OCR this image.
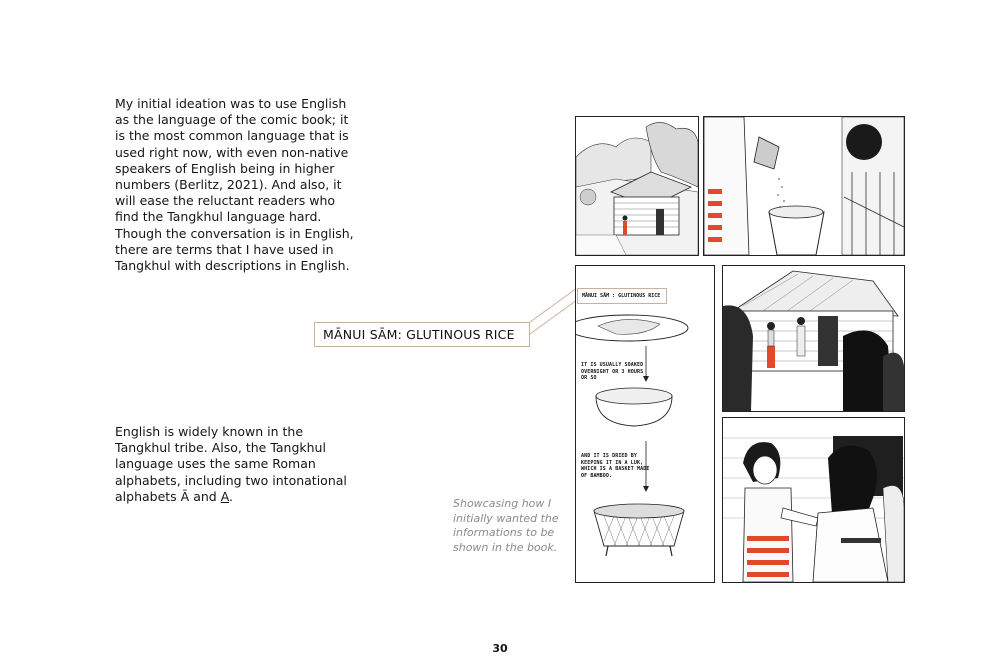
My initial ideation was to use English as the language of the comic book; it is the most common language that is used right now, with even non-native speakers of English being in higher numbers (Berlitz, 2021). And also, it will ease the reluctant readers who find the Tangkhul language hard. Though the conversation is in English, there are terms that I have used in Tangkhul with descriptions in English.
English is widely known in the Tangkhul tribe. Also, the Tangkhul language uses the same Roman alphabets, including two intonational alphabets Ā and A.
MĀNUI SĀM: GLUTINOUS RICE
Showcasing how I initially wanted the informations to be shown in the book.
MĀNUI SĀM : GLUTINOUS RICE
IT IS USUALLY SOAKED OVERNIGHT OR 3 HOURS OR SO
AND IT IS DRIED BY KEEPING IT IN A LUK, WHICH IS A BASKET MADE OF BAMBOO.
30
